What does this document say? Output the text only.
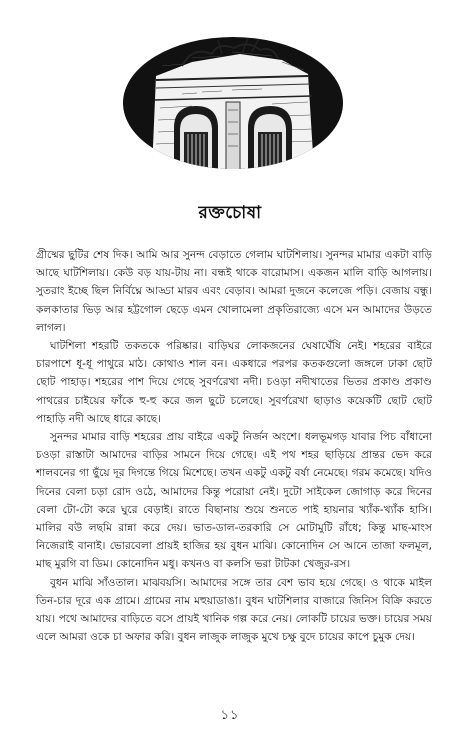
রক্তচোষা

গ্রীষ্মের ছুটির শেষ দিক। আমি আর সুনন্দ বেড়াতে গেলাম ঘাটশিলায়। সুনন্দর মামার একটা বাড়ি আছে ঘাটশিলায়। কেউ বড় যায়-টায় না। বন্ধই থাকে বারোমাস। একজন মালি বাড়ি আগলায়। সুতরাং ইচ্ছে ছিল নির্বিঘ্নে আড্ডা মারব এবং বেড়াব। আমরা দুজনে কলেজে পড়ি। বেজায় বন্ধু। কলকাতার ভিড় আর হট্টগোল ছেড়ে এমন খোলামেলা প্রকৃতিরাজ্যে এসে মন আমাদের উড়তে লাগল।

ঘাটশিলা শহরটি তকতকে পরিষ্কার। বাড়িঘর লোকজনের ঘেষাঘেঁষি নেই। শহরের বাইরে চারপাশে ধূ-ধূ পাথুরে মাঠ। কোথাও শাল বন। একধারে পরপর কতকগুলো জঙ্গলে ঢাকা ছোট ছোট পাহাড়। শহরের পাশ দিয়ে গেছে সুবর্ণরেখা নদী। চওড়া নদীখাতের ভিতর প্রকাণ্ড প্রকাণ্ড পাথরের চাইয়ের ফাঁকে হু-হু করে জল ছুটে চলেছে। সুবর্ণরেখা ছাড়াও কয়েকটি ছোট ছোট পাহাড়ি নদী আছে ধারে কাছে।

সুনন্দর মামার বাড়ি শহরের প্রায় বাইরে একটু নির্জন অংশে। ধলভূমগড় যাবার পিচ বাঁধানো চওড়া রাস্তাটা আমাদের বাড়ির সামনে দিয়ে গেছে। এই পথ শহর ছাড়িয়ে প্রান্তর ভেদ করে শালবনের গা ছুঁয়ে দূর দিগন্তে গিয়ে মিশেছে। তখন একটু একটু বর্ষা নেমেছে। গরম কমেছে। যদিও দিনের বেলা চড়া রোদ ওঠে, আমাদের কিন্তু পরোয়া নেই। দুটো সাইকেল জোগাড় করে দিনের বেলা টো-টো করে ঘুরে বেড়াই। রাতে বিছানায় শুয়ে শুনতে পাই হায়নার খ্যাঁক-খ্যাঁক হাসি। মালির বউ লছমি রান্না করে দেয়। ভাত-ডাল-তরকারি সে মোটামুটি রাঁধে; কিন্তু মাছ-মাংস নিজেরাই বানাই। ভোরবেলা প্রায়ই হাজির হয় বুধন মাঝি। কোনোদিন সে আনে তাজা ফলমূল, মাছ মুরগি বা ডিম। কোনোদিন মধু। কখনও বা কলসি ভরা টাটকা খেজুর-রস।

বুধন মাঝি সাঁওতাল। মাঝবয়সি। আমাদের সঙ্গে তার বেশ ভাব হয়ে গেছে। ও থাকে মাইল তিন-চার দূরে এক গ্রামে। গ্রামের নাম মহুয়াডাঙা। বুধন ঘাটশিলার বাজারে জিনিস বিক্রি করতে যায়। পথে আমাদের বাড়িতে বসে প্রায়ই খানিক গল্প করে নেয়। লোকটি চায়ের ভক্ত। চায়ের সময় এলে আমরা ওকে চা অফার করি। বুধন লাজুক লাজুক মুখে চক্ষু বুদে চায়ের কাপে চুমুক দেয়।

১১
